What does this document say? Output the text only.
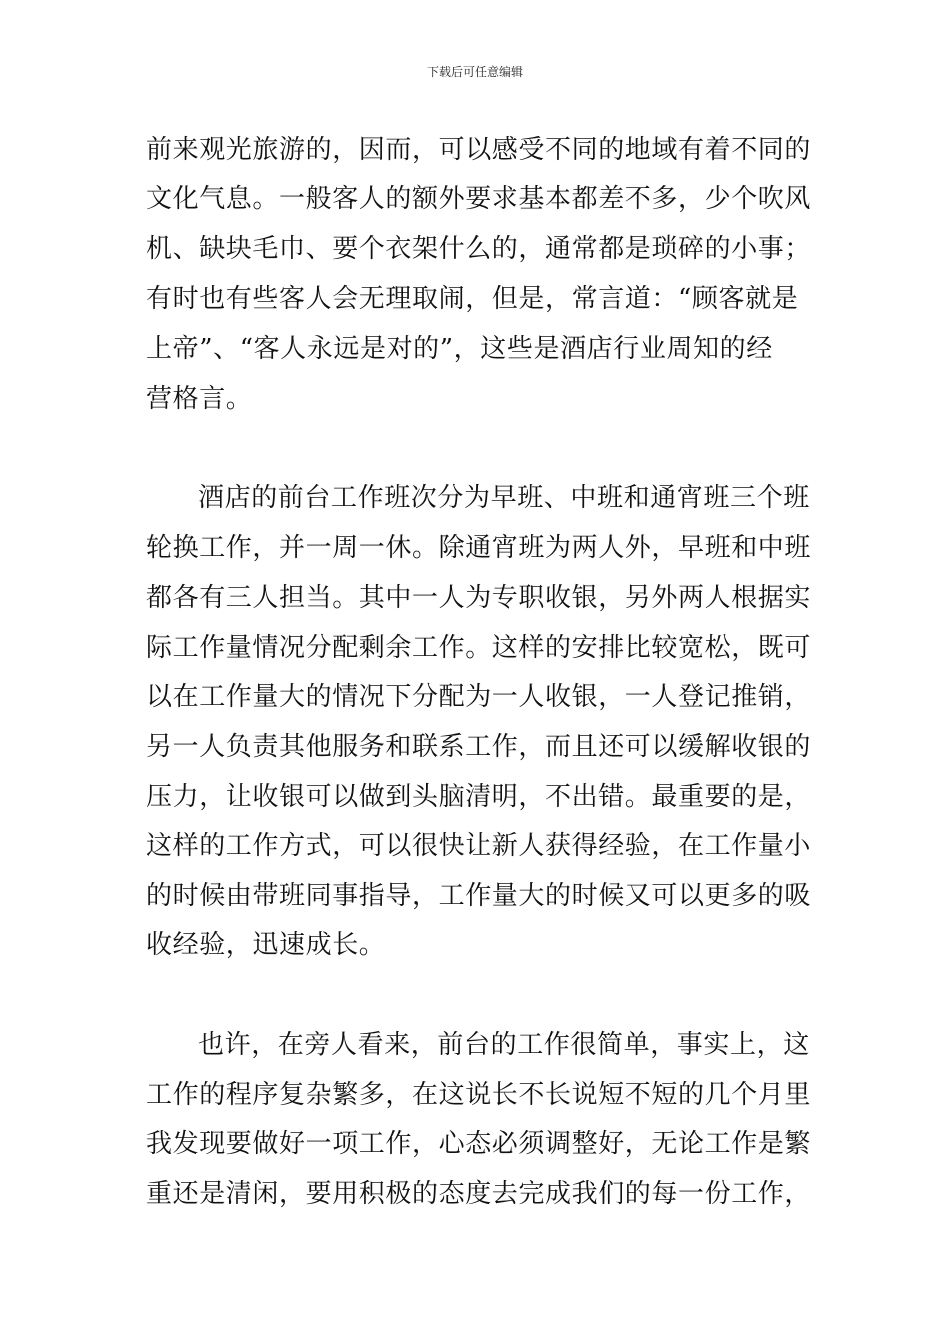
下载后可任意编辑
前来观光旅游的，因而，可以感受不同的地域有着不同的
文化气息。一般客人的额外要求基本都差不多，少个吹风
机、缺块毛巾、要个衣架什么的，通常都是琐碎的小事；
有时也有些客人会无理取闹，但是，常言道：“顾客就是
上帝”、“客人永远是对的”，这些是酒店行业周知的经
营格言。
酒店的前台工作班次分为早班、中班和通宵班三个班
轮换工作，并一周一休。除通宵班为两人外，早班和中班
都各有三人担当。其中一人为专职收银，另外两人根据实
际工作量情况分配剩余工作。这样的安排比较宽松，既可
以在工作量大的情况下分配为一人收银，一人登记推销，
另一人负责其他服务和联系工作，而且还可以缓解收银的
压力，让收银可以做到头脑清明，不出错。最重要的是，
这样的工作方式，可以很快让新人获得经验，在工作量小
的时候由带班同事指导，工作量大的时候又可以更多的吸
收经验，迅速成长。
也许，在旁人看来，前台的工作很简单，事实上，这
工作的程序复杂繁多，在这说长不长说短不短的几个月里
我发现要做好一项工作，心态必须调整好，无论工作是繁
重还是清闲，要用积极的态度去完成我们的每一份工作，
